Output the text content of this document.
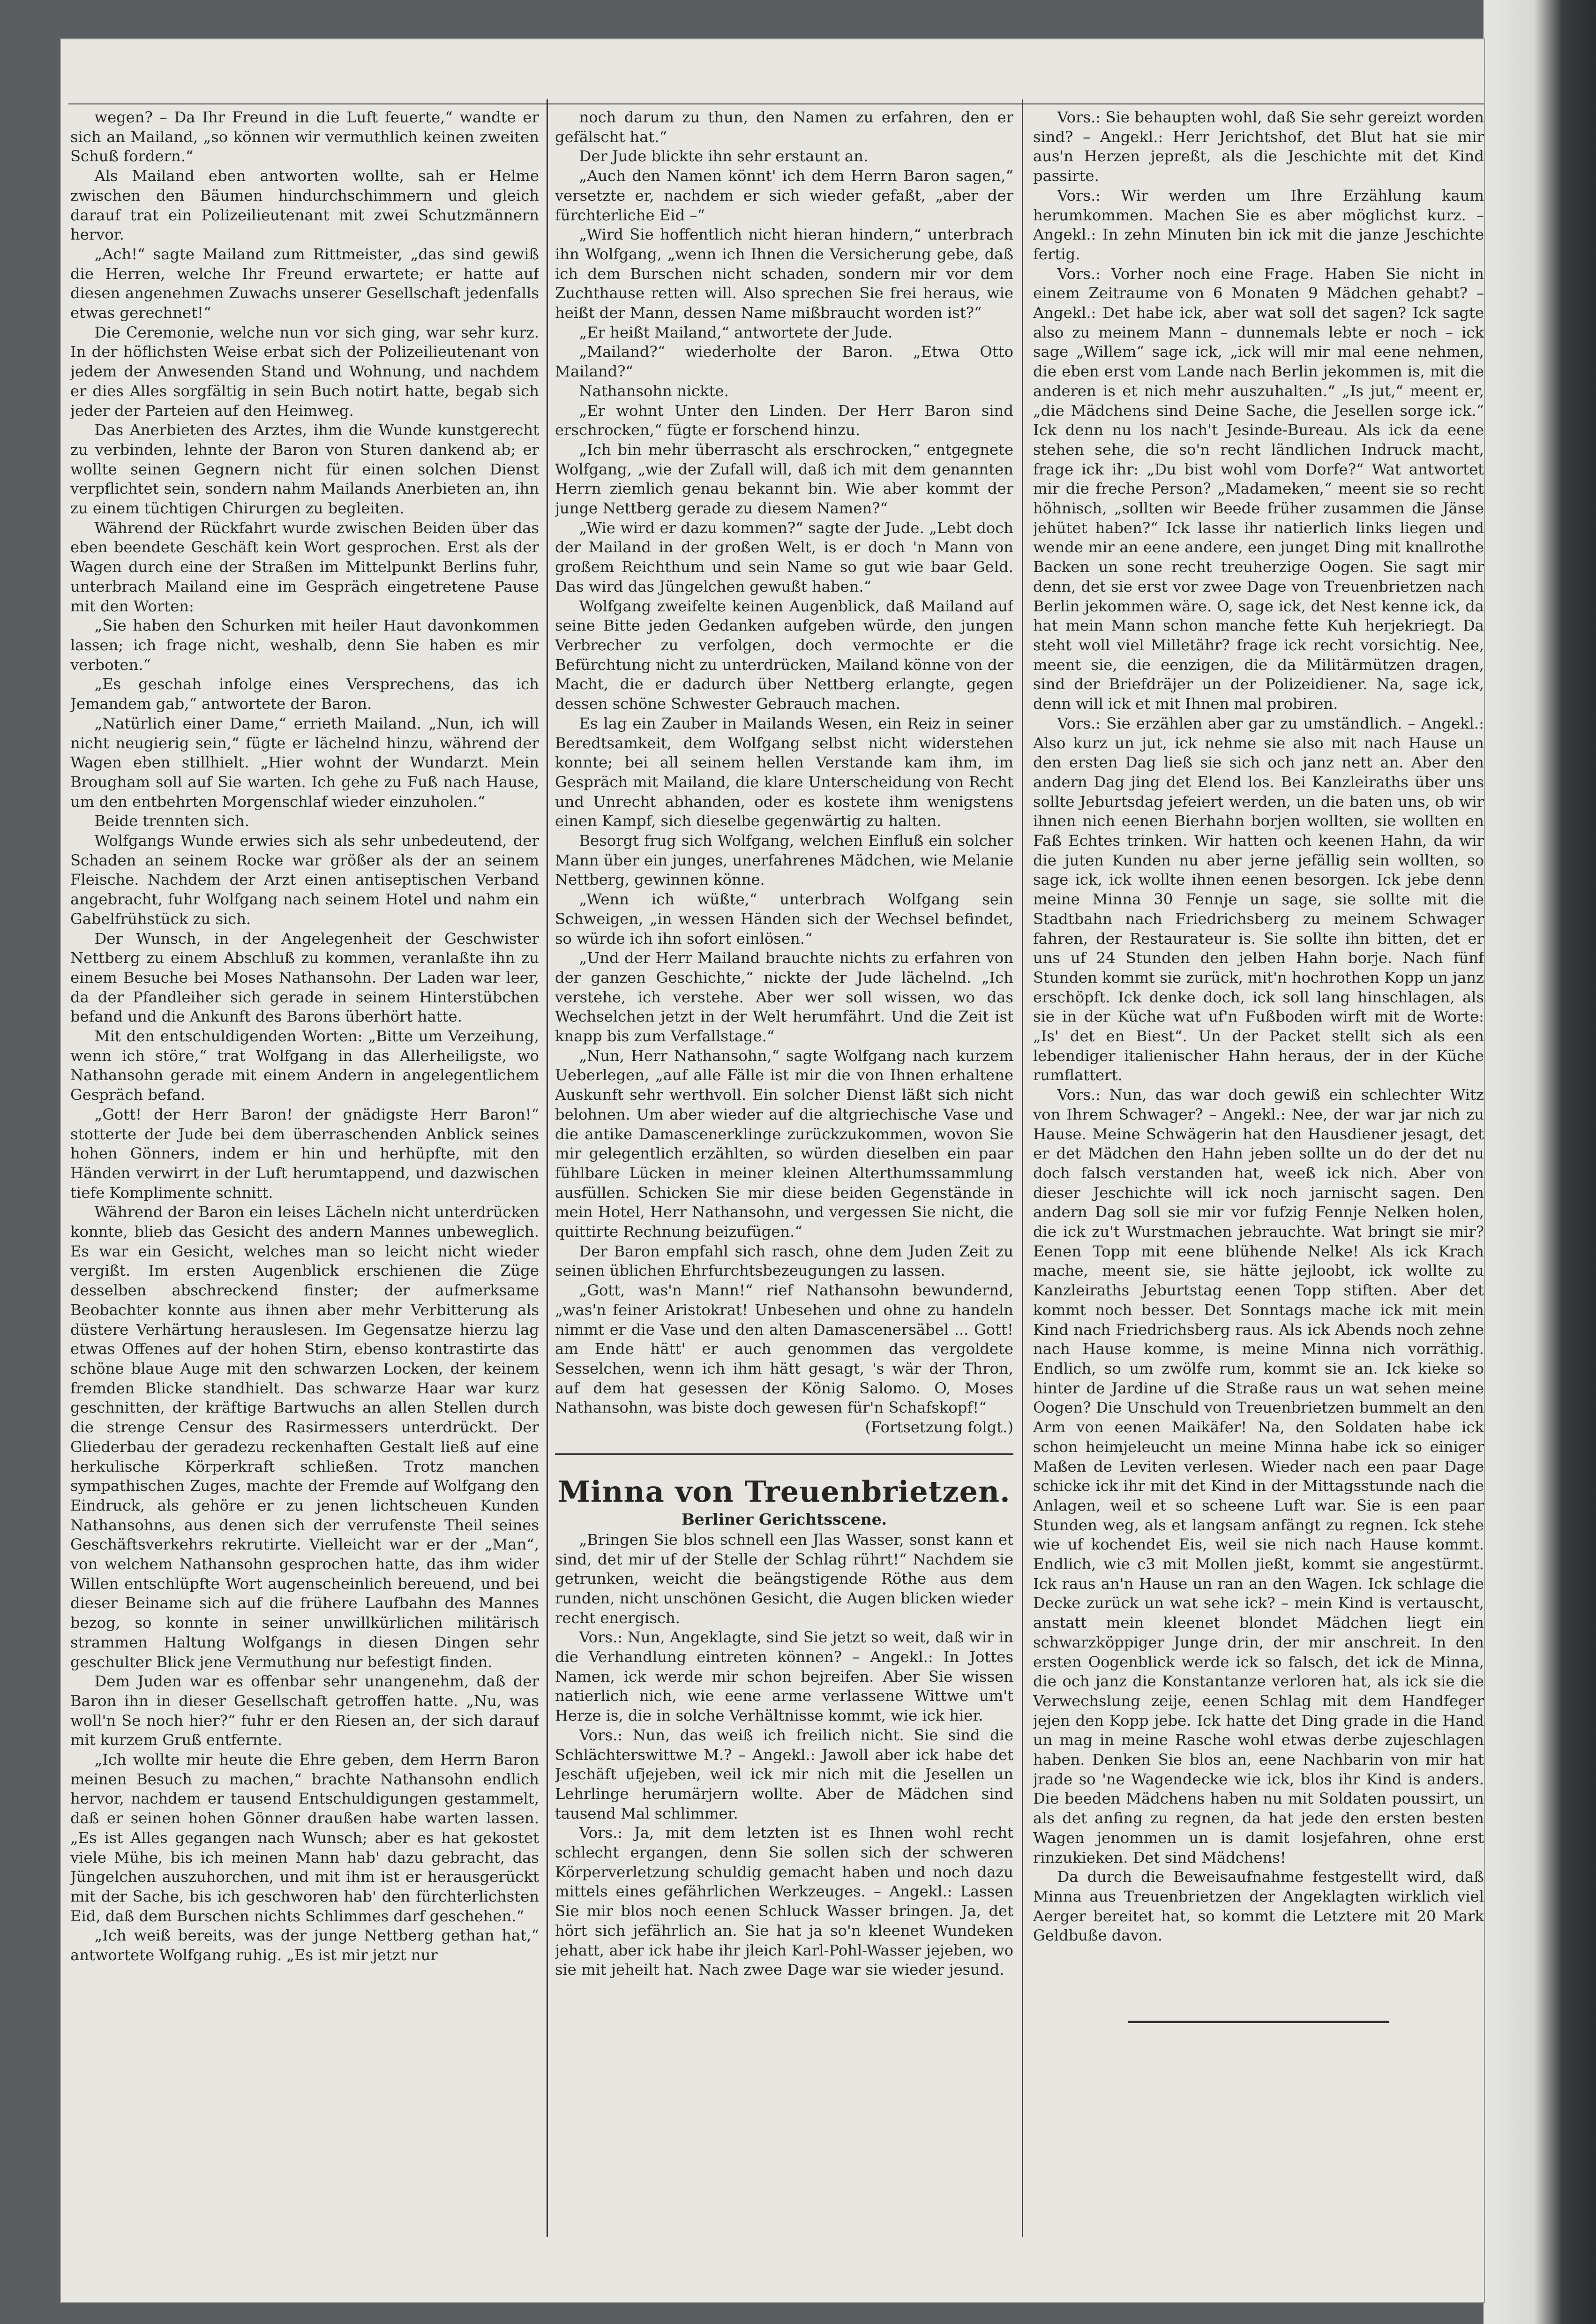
wegen? – Da Ihr Freund in die Luft feuerte,“ wandte er sich an Mailand, „so können wir vermuthlich keinen zweiten Schuß fordern.“

Als Mailand eben antworten wollte, sah er Helme zwischen den Bäumen hindurchschimmern und gleich darauf trat ein Polizeilieutenant mit zwei Schutzmännern hervor.

„Ach!“ sagte Mailand zum Rittmeister, „das sind gewiß die Herren, welche Ihr Freund erwartete; er hatte auf diesen angenehmen Zuwachs unserer Gesellschaft jedenfalls etwas gerechnet!“

Die Ceremonie, welche nun vor sich ging, war sehr kurz. In der höflichsten Weise erbat sich der Polizeilieutenant von jedem der Anwesenden Stand und Wohnung, und nachdem er dies Alles sorgfältig in sein Buch notirt hatte, begab sich jeder der Parteien auf den Heimweg.

Das Anerbieten des Arztes, ihm die Wunde kunstgerecht zu verbinden, lehnte der Baron von Sturen dankend ab; er wollte seinen Gegnern nicht für einen solchen Dienst verpflichtet sein, sondern nahm Mailands Anerbieten an, ihn zu einem tüchtigen Chirurgen zu begleiten.

Während der Rückfahrt wurde zwischen Beiden über das eben beendete Geschäft kein Wort gesprochen. Erst als der Wagen durch eine der Straßen im Mittelpunkt Berlins fuhr, unterbrach Mailand eine im Gespräch eingetretene Pause mit den Worten:

„Sie haben den Schurken mit heiler Haut davonkommen lassen; ich frage nicht, weshalb, denn Sie haben es mir verboten.“

„Es geschah infolge eines Versprechens, das ich Jemandem gab,“ antwortete der Baron.

„Natürlich einer Dame,“ errieth Mailand. „Nun, ich will nicht neugierig sein,“ fügte er lächelnd hinzu, während der Wagen eben stillhielt. „Hier wohnt der Wundarzt. Mein Brougham soll auf Sie warten. Ich gehe zu Fuß nach Hause, um den entbehrten Morgenschlaf wieder einzuholen.“

Beide trennten sich.

Wolfgangs Wunde erwies sich als sehr unbedeutend, der Schaden an seinem Rocke war größer als der an seinem Fleische. Nachdem der Arzt einen antiseptischen Verband angebracht, fuhr Wolfgang nach seinem Hotel und nahm ein Gabelfrühstück zu sich.

Der Wunsch, in der Angelegenheit der Geschwister Nettberg zu einem Abschluß zu kommen, veranlaßte ihn zu einem Besuche bei Moses Nathansohn. Der Laden war leer, da der Pfandleiher sich gerade in seinem Hinterstübchen befand und die Ankunft des Barons überhört hatte.

Mit den entschuldigenden Worten: „Bitte um Verzeihung, wenn ich störe,“ trat Wolfgang in das Allerheiligste, wo Nathansohn gerade mit einem Andern in angelegentlichem Gespräch befand.

„Gott! der Herr Baron! der gnädigste Herr Baron!“ stotterte der Jude bei dem überraschenden Anblick seines hohen Gönners, indem er hin und herhüpfte, mit den Händen verwirrt in der Luft herumtappend, und dazwischen tiefe Komplimente schnitt.

Während der Baron ein leises Lächeln nicht unterdrücken konnte, blieb das Gesicht des andern Mannes unbeweglich. Es war ein Gesicht, welches man so leicht nicht wieder vergißt. Im ersten Augenblick erschienen die Züge desselben abschreckend finster; der aufmerksame Beobachter konnte aus ihnen aber mehr Verbitterung als düstere Verhärtung herauslesen. Im Gegensatze hierzu lag etwas Offenes auf der hohen Stirn, ebenso kontrastirte das schöne blaue Auge mit den schwarzen Locken, der keinem fremden Blicke standhielt. Das schwarze Haar war kurz geschnitten, der kräftige Bartwuchs an allen Stellen durch die strenge Censur des Rasirmessers unterdrückt. Der Gliederbau der geradezu reckenhaften Gestalt ließ auf eine herkulische Körperkraft schließen. Trotz manchen sympathischen Zuges, machte der Fremde auf Wolfgang den Eindruck, als gehöre er zu jenen lichtscheuen Kunden Nathansohns, aus denen sich der verrufenste Theil seines Geschäftsverkehrs rekrutirte. Vielleicht war er der „Man“, von welchem Nathansohn gesprochen hatte, das ihm wider Willen entschlüpfte Wort augenscheinlich bereuend, und bei dieser Beiname sich auf die frühere Laufbahn des Mannes bezog, so konnte in seiner unwillkürlichen militärisch strammen Haltung Wolfgangs in diesen Dingen sehr geschulter Blick jene Vermuthung nur befestigt finden.

Dem Juden war es offenbar sehr unangenehm, daß der Baron ihn in dieser Gesellschaft getroffen hatte. „Nu, was woll'n Se noch hier?“ fuhr er den Riesen an, der sich darauf mit kurzem Gruß entfernte.

„Ich wollte mir heute die Ehre geben, dem Herrn Baron meinen Besuch zu machen,“ brachte Nathansohn endlich hervor, nachdem er tausend Entschuldigungen gestammelt, daß er seinen hohen Gönner draußen habe warten lassen. „Es ist Alles gegangen nach Wunsch; aber es hat gekostet viele Mühe, bis ich meinen Mann hab' dazu gebracht, das Jüngelchen auszuhorchen, und mit ihm ist er herausgerückt mit der Sache, bis ich geschworen hab' den fürchterlichsten Eid, daß dem Burschen nichts Schlimmes darf geschehen.“

„Ich weiß bereits, was der junge Nettberg gethan hat,“ antwortete Wolfgang ruhig. „Es ist mir jetzt nur

noch darum zu thun, den Namen zu erfahren, den er gefälscht hat.“

Der Jude blickte ihn sehr erstaunt an.

„Auch den Namen könnt' ich dem Herrn Baron sagen,“ versetzte er, nachdem er sich wieder gefaßt, „aber der fürchterliche Eid –“

„Wird Sie hoffentlich nicht hieran hindern,“ unterbrach ihn Wolfgang, „wenn ich Ihnen die Versicherung gebe, daß ich dem Burschen nicht schaden, sondern mir vor dem Zuchthause retten will. Also sprechen Sie frei heraus, wie heißt der Mann, dessen Name mißbraucht worden ist?“

„Er heißt Mailand,“ antwortete der Jude.

„Mailand?“ wiederholte der Baron. „Etwa Otto Mailand?“

Nathansohn nickte.

„Er wohnt Unter den Linden. Der Herr Baron sind erschrocken,“ fügte er forschend hinzu.

„Ich bin mehr überrascht als erschrocken,“ entgegnete Wolfgang, „wie der Zufall will, daß ich mit dem genannten Herrn ziemlich genau bekannt bin. Wie aber kommt der junge Nettberg gerade zu diesem Namen?“

„Wie wird er dazu kommen?“ sagte der Jude. „Lebt doch der Mailand in der großen Welt, is er doch 'n Mann von großem Reichthum und sein Name so gut wie baar Geld. Das wird das Jüngelchen gewußt haben.“

Wolfgang zweifelte keinen Augenblick, daß Mailand auf seine Bitte jeden Gedanken aufgeben würde, den jungen Verbrecher zu verfolgen, doch vermochte er die Befürchtung nicht zu unterdrücken, Mailand könne von der Macht, die er dadurch über Nettberg erlangte, gegen dessen schöne Schwester Gebrauch machen.

Es lag ein Zauber in Mailands Wesen, ein Reiz in seiner Beredtsamkeit, dem Wolfgang selbst nicht widerstehen konnte; bei all seinem hellen Verstande kam ihm, im Gespräch mit Mailand, die klare Unterscheidung von Recht und Unrecht abhanden, oder es kostete ihm wenigstens einen Kampf, sich dieselbe gegenwärtig zu halten.

Besorgt frug sich Wolfgang, welchen Einfluß ein solcher Mann über ein junges, unerfahrenes Mädchen, wie Melanie Nettberg, gewinnen könne.

„Wenn ich wüßte,“ unterbrach Wolfgang sein Schweigen, „in wessen Händen sich der Wechsel befindet, so würde ich ihn sofort einlösen.“

„Und der Herr Mailand brauchte nichts zu erfahren von der ganzen Geschichte,“ nickte der Jude lächelnd. „Ich verstehe, ich verstehe. Aber wer soll wissen, wo das Wechselchen jetzt in der Welt herumfährt. Und die Zeit ist knapp bis zum Verfallstage.“

„Nun, Herr Nathansohn,“ sagte Wolfgang nach kurzem Ueberlegen, „auf alle Fälle ist mir die von Ihnen erhaltene Auskunft sehr werthvoll. Ein solcher Dienst läßt sich nicht belohnen. Um aber wieder auf die altgriechische Vase und die antike Damascenerklinge zurückzukommen, wovon Sie mir gelegentlich erzählten, so würden dieselben ein paar fühlbare Lücken in meiner kleinen Alterthumssammlung ausfüllen. Schicken Sie mir diese beiden Gegenstände in mein Hotel, Herr Nathansohn, und vergessen Sie nicht, die quittirte Rechnung beizufügen.“

Der Baron empfahl sich rasch, ohne dem Juden Zeit zu seinen üblichen Ehrfurchtsbezeugungen zu lassen.

„Gott, was'n Mann!“ rief Nathansohn bewundernd, „was'n feiner Aristokrat! Unbesehen und ohne zu handeln nimmt er die Vase und den alten Damascenersäbel ... Gott! am Ende hätt' er auch genommen das vergoldete Sesselchen, wenn ich ihm hätt gesagt, 's wär der Thron, auf dem hat gesessen der König Salomo. O, Moses Nathansohn, was biste doch gewesen für'n Schafskopf!“

(Fortsetzung folgt.)

Minna von Treuenbrietzen.

Berliner Gerichtsscene.

„Bringen Sie blos schnell een Jlas Wasser, sonst kann et sind, det mir uf der Stelle der Schlag rührt!“ Nachdem sie getrunken, weicht die beängstigende Röthe aus dem runden, nicht unschönen Gesicht, die Augen blicken wieder recht energisch.

Vors.: Nun, Angeklagte, sind Sie jetzt so weit, daß wir in die Verhandlung eintreten können? – Angekl.: In Jottes Namen, ick werde mir schon bejreifen. Aber Sie wissen natierlich nich, wie eene arme verlassene Wittwe um't Herze is, die in solche Verhältnisse kommt, wie ick hier.

Vors.: Nun, das weiß ich freilich nicht. Sie sind die Schlächterswittwe M.? – Angekl.: Jawoll aber ick habe det Jeschäft ufjejeben, weil ick mir nich mit die Jesellen un Lehrlinge herumärjern wollte. Aber de Mädchen sind tausend Mal schlimmer.

Vors.: Ja, mit dem letzten ist es Ihnen wohl recht schlecht ergangen, denn Sie sollen sich der schweren Körperverletzung schuldig gemacht haben und noch dazu mittels eines gefährlichen Werkzeuges. – Angekl.: Lassen Sie mir blos noch eenen Schluck Wasser bringen. Ja, det hört sich jefährlich an. Sie hat ja so'n kleenet Wundeken jehatt, aber ick habe ihr jleich Karl-Pohl-Wasser jejeben, wo sie mit jeheilt hat. Nach zwee Dage war sie wieder jesund.

Vors.: Sie behaupten wohl, daß Sie sehr gereizt worden sind? – Angekl.: Herr Jerichtshof, det Blut hat sie mir aus'n Herzen jepreßt, als die Jeschichte mit det Kind passirte.

Vors.: Wir werden um Ihre Erzählung kaum herumkommen. Machen Sie es aber möglichst kurz. – Angekl.: In zehn Minuten bin ick mit die janze Jeschichte fertig.

Vors.: Vorher noch eine Frage. Haben Sie nicht in einem Zeitraume von 6 Monaten 9 Mädchen gehabt? – Angekl.: Det habe ick, aber wat soll det sagen? Ick sagte also zu meinem Mann – dunnemals lebte er noch – ick sage „Willem“ sage ick, „ick will mir mal eene nehmen, die eben erst vom Lande nach Berlin jekommen is, mit die anderen is et nich mehr auszuhalten.“ „Is jut,“ meent er, „die Mädchens sind Deine Sache, die Jesellen sorge ick.“ Ick denn nu los nach't Jesinde-Bureau. Als ick da eene stehen sehe, die so'n recht ländlichen Indruck macht, frage ick ihr: „Du bist wohl vom Dorfe?“ Wat antwortet mir die freche Person? „Madameken,“ meent sie so recht höhnisch, „sollten wir Beede früher zusammen die Jänse jehütet haben?“ Ick lasse ihr natierlich links liegen und wende mir an eene andere, een junget Ding mit knallrothe Backen un sone recht treuherzige Oogen. Sie sagt mir denn, det sie erst vor zwee Dage von Treuenbrietzen nach Berlin jekommen wäre. O, sage ick, det Nest kenne ick, da hat mein Mann schon manche fette Kuh herjekriegt. Da steht woll viel Milletähr? frage ick recht vorsichtig. Nee, meent sie, die eenzigen, die da Militärmützen dragen, sind der Briefdräjer un der Polizeidiener. Na, sage ick, denn will ick et mit Ihnen mal probiren.

Vors.: Sie erzählen aber gar zu umständlich. – Angekl.: Also kurz un jut, ick nehme sie also mit nach Hause un den ersten Dag ließ sie sich och janz nett an. Aber den andern Dag jing det Elend los. Bei Kanzleiraths über uns sollte Jeburtsdag jefeiert werden, un die baten uns, ob wir ihnen nich eenen Bierhahn borjen wollten, sie wollten en Faß Echtes trinken. Wir hatten och keenen Hahn, da wir die juten Kunden nu aber jerne jefällig sein wollten, so sage ick, ick wollte ihnen eenen besorgen. Ick jebe denn meine Minna 30 Fennje un sage, sie sollte mit die Stadtbahn nach Friedrichsberg zu meinem Schwager fahren, der Restaurateur is. Sie sollte ihn bitten, det er uns uf 24 Stunden den jelben Hahn borje. Nach fünf Stunden kommt sie zurück, mit'n hochrothen Kopp un janz erschöpft. Ick denke doch, ick soll lang hinschlagen, als sie in der Küche wat uf'n Fußboden wirft mit de Worte: „Is' det en Biest“. Un der Packet stellt sich als een lebendiger italienischer Hahn heraus, der in der Küche rumflattert.

Vors.: Nun, das war doch gewiß ein schlechter Witz von Ihrem Schwager? – Angekl.: Nee, der war jar nich zu Hause. Meine Schwägerin hat den Hausdiener jesagt, det er det Mädchen den Hahn jeben sollte un do der det nu doch falsch verstanden hat, weeß ick nich. Aber von dieser Jeschichte will ick noch jarnischt sagen. Den andern Dag soll sie mir vor fufzig Fennje Nelken holen, die ick zu't Wurstmachen jebrauchte. Wat bringt sie mir? Eenen Topp mit eene blühende Nelke! Als ick Krach mache, meent sie, sie hätte jejloobt, ick wollte zu Kanzleiraths Jeburtstag eenen Topp stiften. Aber det kommt noch besser. Det Sonntags mache ick mit mein Kind nach Friedrichsberg raus. Als ick Abends noch zehne nach Hause komme, is meine Minna nich vorräthig. Endlich, so um zwölfe rum, kommt sie an. Ick kieke so hinter de Jardine uf die Straße raus un wat sehen meine Oogen? Die Unschuld von Treuenbrietzen bummelt an den Arm von eenen Maikäfer! Na, den Soldaten habe ick schon heimjeleucht un meine Minna habe ick so einiger Maßen de Leviten verlesen. Wieder nach een paar Dage schicke ick ihr mit det Kind in der Mittagsstunde nach die Anlagen, weil et so scheene Luft war. Sie is een paar Stunden weg, als et langsam anfängt zu regnen. Ick stehe wie uf kochendet Eis, weil sie nich nach Hause kommt. Endlich, wie c3 mit Mollen jießt, kommt sie angestürmt. Ick raus an'n Hause un ran an den Wagen. Ick schlage die Decke zurück un wat sehe ick? – mein Kind is vertauscht, anstatt mein kleenet blondet Mädchen liegt ein schwarzköppiger Junge drin, der mir anschreit. In den ersten Oogenblick werde ick so falsch, det ick de Minna, die och janz die Konstantanze verloren hat, als ick sie die Verwechslung zeije, eenen Schlag mit dem Handfeger jejen den Kopp jebe. Ick hatte det Ding grade in die Hand un mag in meine Rasche wohl etwas derbe zujeschlagen haben. Denken Sie blos an, eene Nachbarin von mir hat jrade so 'ne Wagendecke wie ick, blos ihr Kind is anders. Die beeden Mädchens haben nu mit Soldaten poussirt, un als det anfing zu regnen, da hat jede den ersten besten Wagen jenommen un is damit losjefahren, ohne erst rinzukieken. Det sind Mädchens!

Da durch die Beweisaufnahme festgestellt wird, daß Minna aus Treuenbrietzen der Angeklagten wirklich viel Aerger bereitet hat, so kommt die Letztere mit 20 Mark Geldbuße davon.
